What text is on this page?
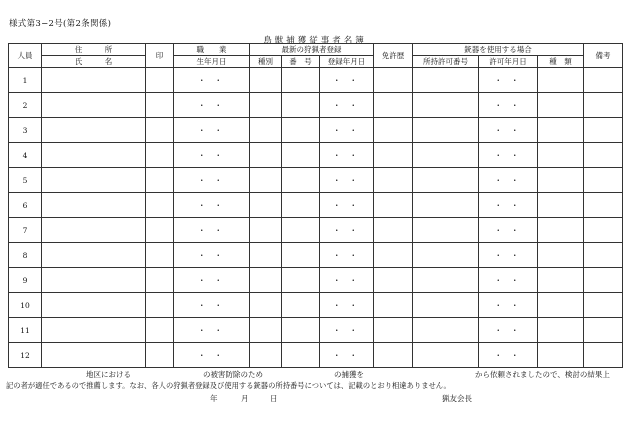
様式第3−2号(第2条関係)
鳥獣捕獲従事者名簿
人員	住　　　所	印	職　　業	最新の狩猟者登録			免許歴	銃器を使用する場合			備考
	氏　　　名		生年月日	種別	番　号	登録年月日		所持許可番号	許可年月日	種　類	
1			・ ・			・ ・			・ ・		
2			・ ・			・ ・			・ ・		
3			・ ・			・ ・			・ ・		
4			・ ・			・ ・			・ ・		
5			・ ・			・ ・			・ ・		
6			・ ・			・ ・			・ ・		
7			・ ・			・ ・			・ ・		
8			・ ・			・ ・			・ ・		
9			・ ・			・ ・			・ ・		
10			・ ・			・ ・			・ ・		
11			・ ・			・ ・			・ ・		
12			・ ・			・ ・			・ ・		
地区における	の被害防除のため	の捕獲を	から依頼されましたので、検討の結果上
記の者が適任であるので推薦します。なお、各人の狩猟者登録及び使用する銃器の所持番号については、記載のとおり相違ありません。
年	月	日	猟友会長
